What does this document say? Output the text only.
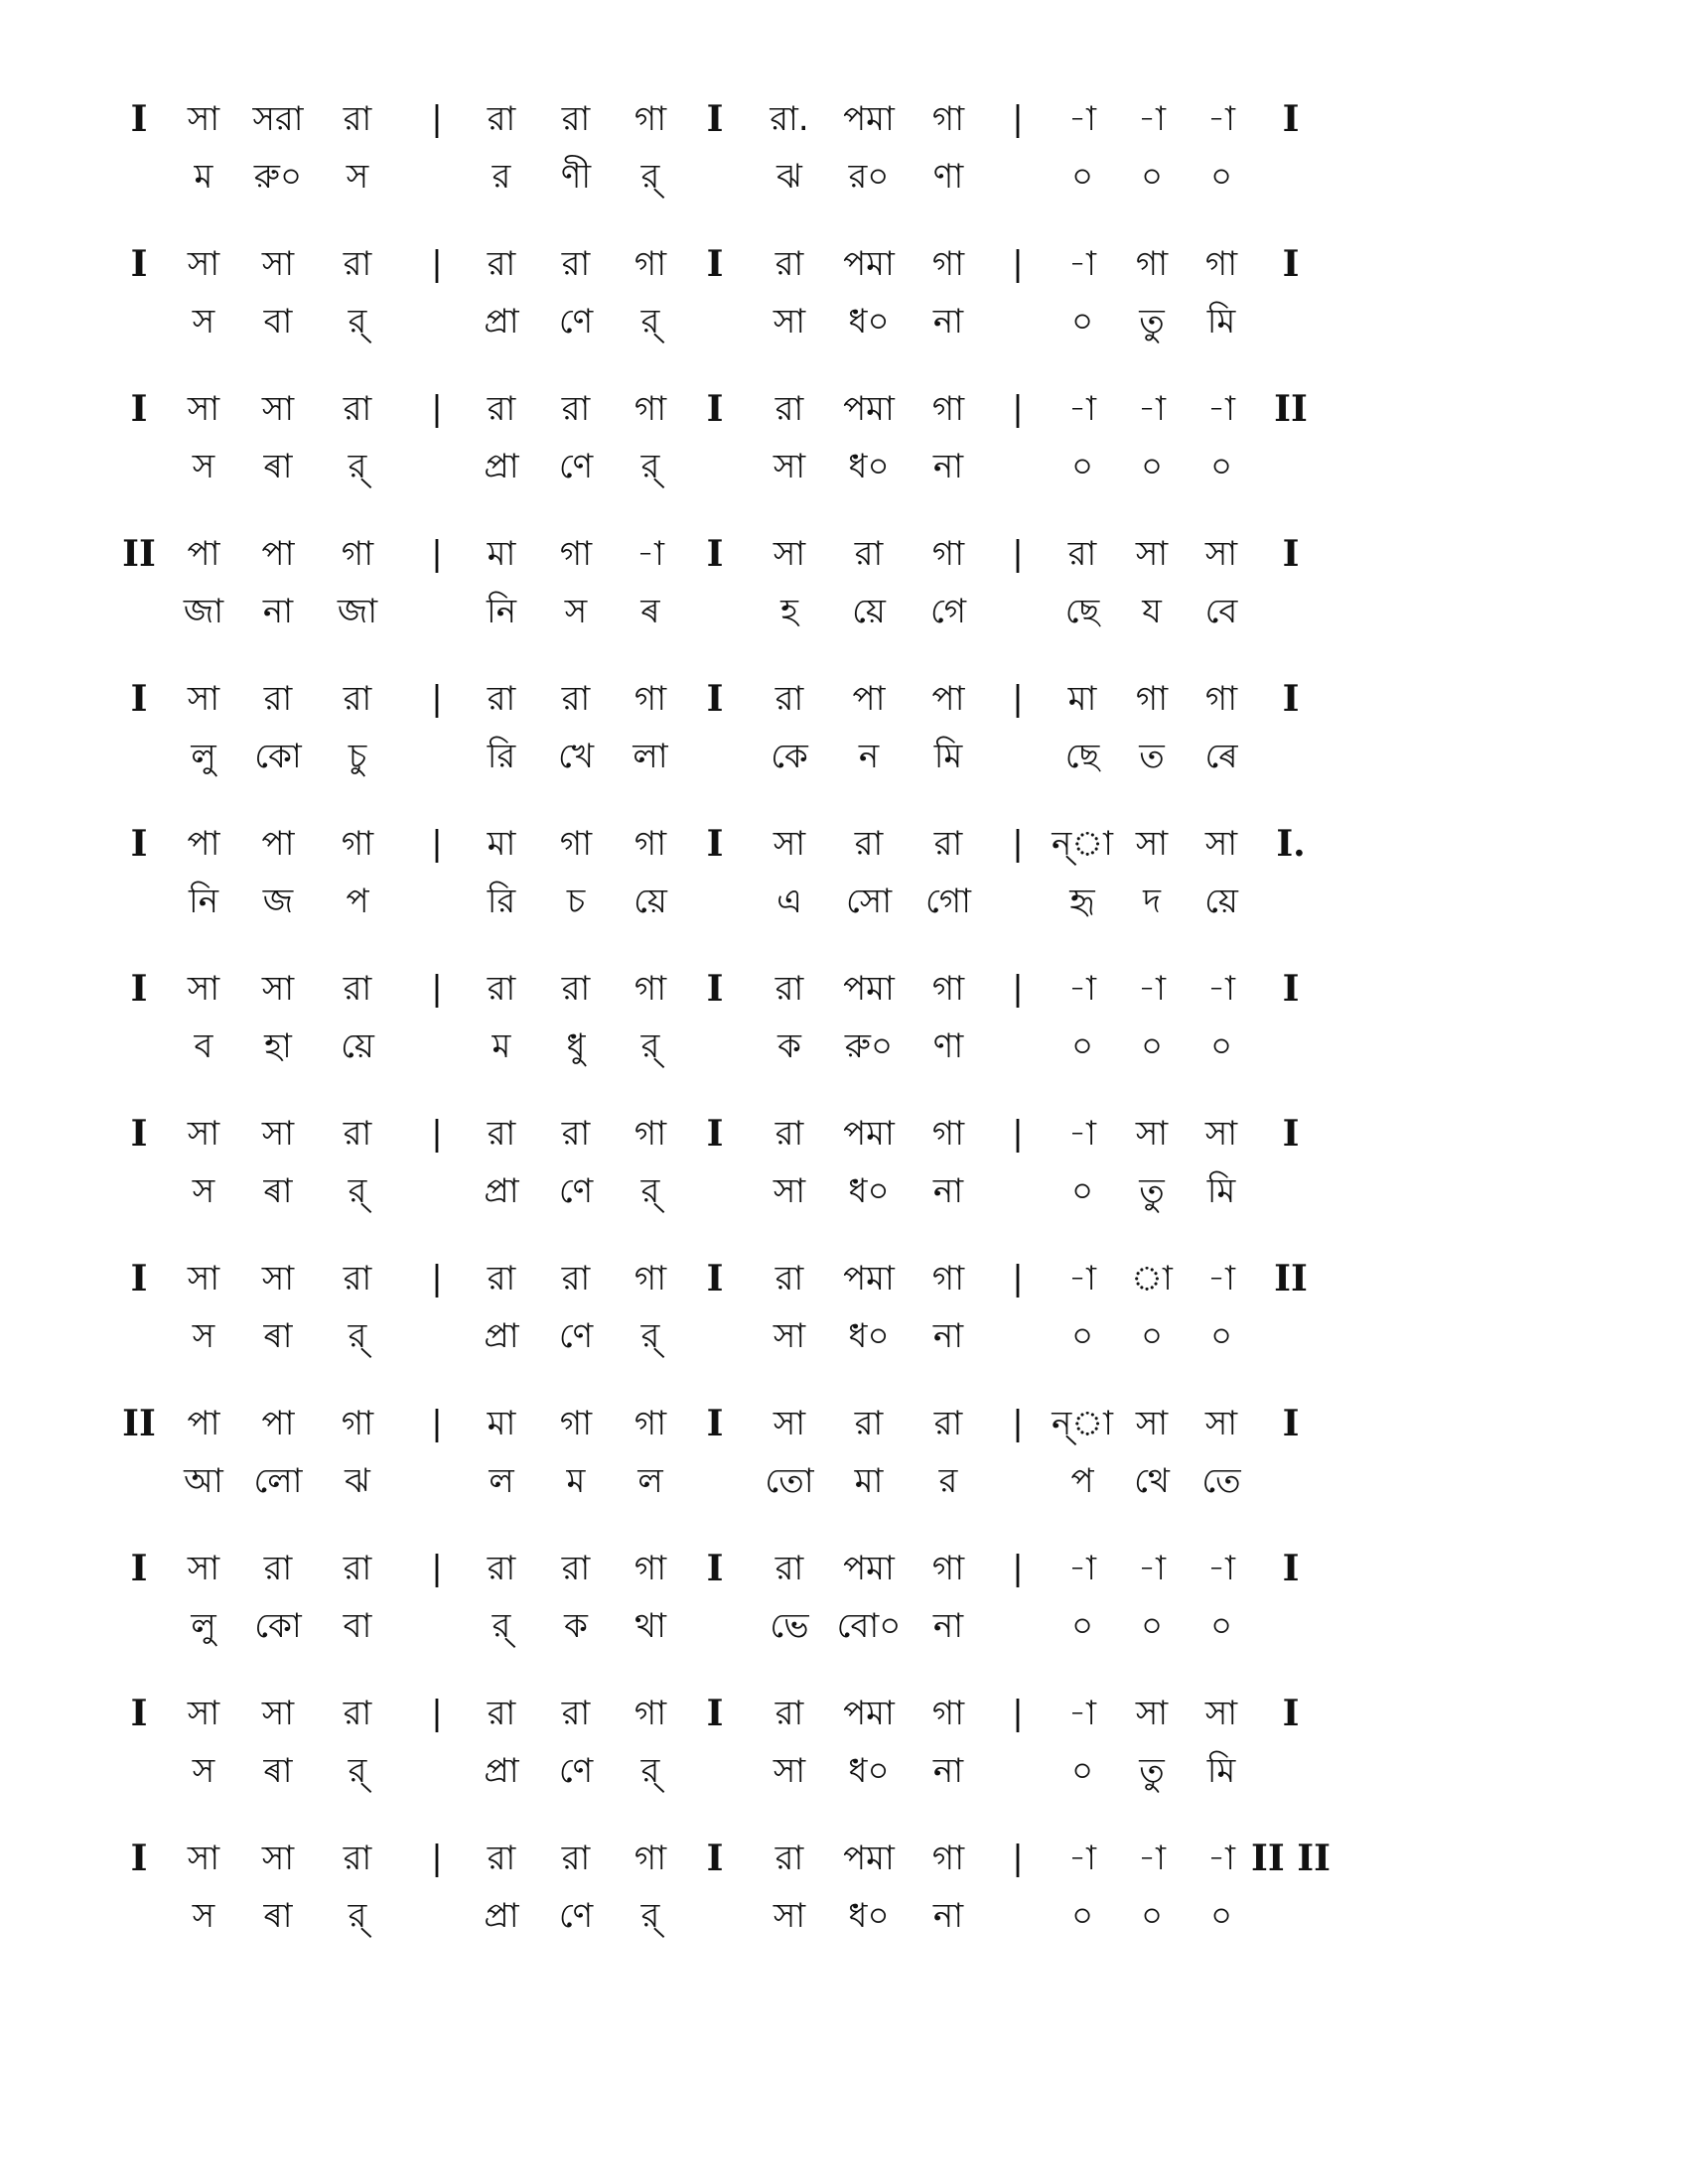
I সা সরা রা | রা রা গা I রা. পমা গা | -া -া -া I
ম রু০ স	র ণী র্	ঝ র০ ণা	০ ০ ০
I সা সা রা | রা রা গা I রা পমা গা | -া গা গা I
স বা র্	প্রা ণে র্	সা ধ০ না	০ তু মি
I সা সা রা | রা রা গা I রা পমা গা | -া -া -া II
স ৰা র্	প্রা ণে র্	সা ধ০ না	০ ০ ০
II পা পা গা | মা গা -া I সা রা গা | রা সা সা I
জা না জা	নি স ৰ	হ য়ে গে	ছে য বে
I সা রা রা | রা রা গা I রা পা পা | মা গা গা I
লু কো চু	রি খে লা	কে ন মি	ছে ত ৰে
I পা পা গা | মা গা গা I সা রা রা | ন্া সা সা I.
নি জ প	রি চ য়ে	এ সো গো	হৃ দ য়ে
I সা সা রা | রা রা গা I রা পমা গা | -া -া -া I
ব হা য়ে	ম ধু র্	ক রু০ ণা	০ ০ ০
I সা সা রা | রা রা গা I রা পমা গা | -া সা সা I
স ৰা র্	প্রা ণে র্	সা ধ০ না	০ তু মি
I সা সা রা | রা রা গা I রা পমা গা | -া া -া II
স ৰা র্	প্রা ণে র্	সা ধ০ না	০ ০ ০
II পা পা গা | মা গা গা I সা রা রা | ন্া সা সা I
আ লো ঝ	ল ম ল	তো মা র	প থে তে
I সা রা রা | রা রা গা I রা পমা গা | -া -া -া I
লু কো বা	র্ ক থা	ভে বো০ না	০ ০ ০
I সা সা রা | রা রা গা I রা পমা গা | -া সা সা I
স ৰা র্	প্রা ণে র্	সা ধ০ না	০ তু মি
I সা সা রা | রা রা গা I রা পমা গা | -া -া -া II II
স ৰা র্	প্রা ণে র্	সা ধ০ না	০ ০ ০
